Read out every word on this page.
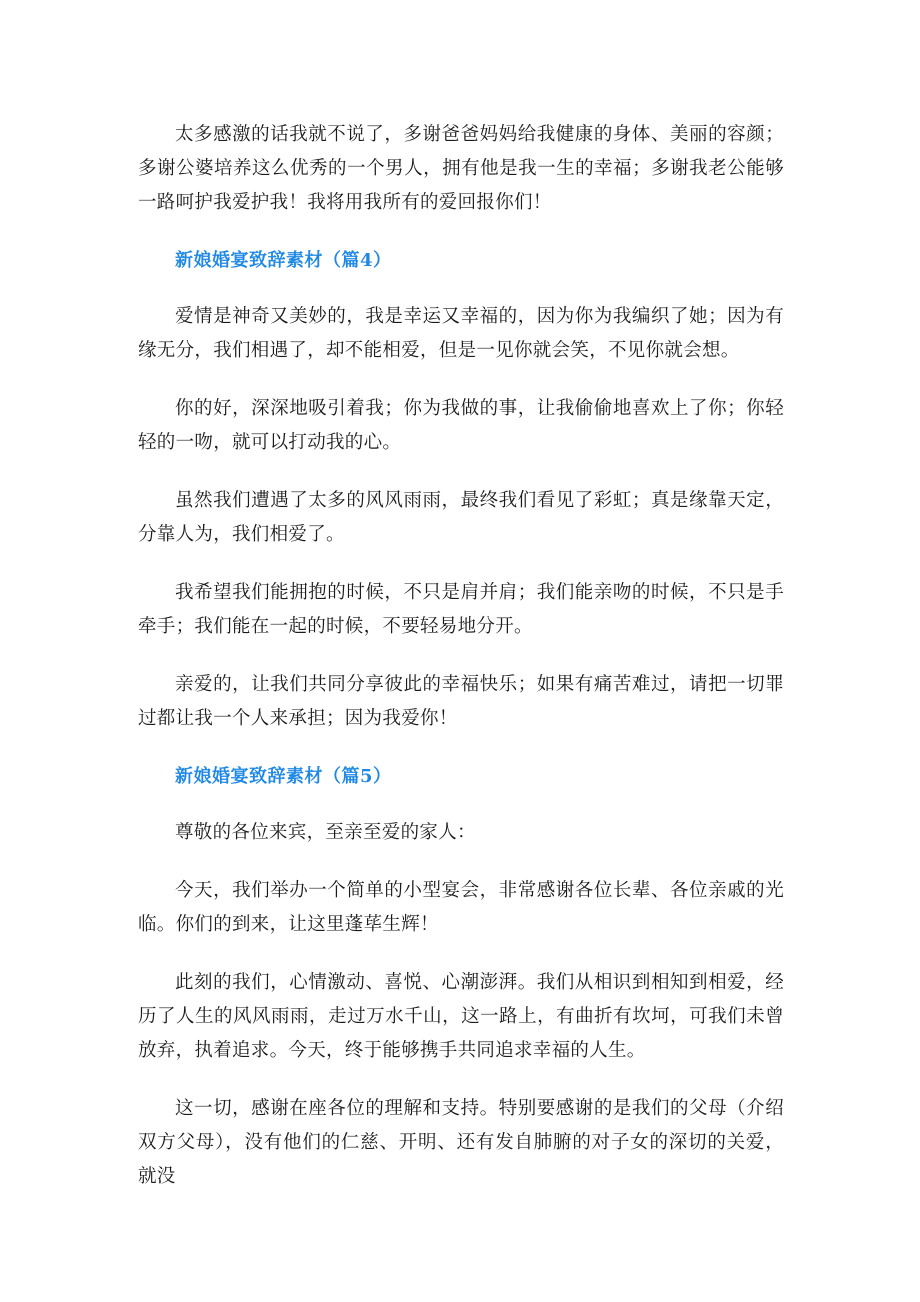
太多感激的话我就不说了，多谢爸爸妈妈给我健康的身体、美丽的容颜；多谢公婆培养这么优秀的一个男人，拥有他是我一生的幸福；多谢我老公能够一路呵护我爱护我！我将用我所有的爱回报你们！

新娘婚宴致辞素材（篇4）

爱情是神奇又美妙的，我是幸运又幸福的，因为你为我编织了她；因为有缘无分，我们相遇了，却不能相爱，但是一见你就会笑，不见你就会想。

你的好，深深地吸引着我；你为我做的事，让我偷偷地喜欢上了你；你轻轻的一吻，就可以打动我的心。

虽然我们遭遇了太多的风风雨雨，最终我们看见了彩虹；真是缘靠天定，分靠人为，我们相爱了。

我希望我们能拥抱的时候，不只是肩并肩；我们能亲吻的时候，不只是手牵手；我们能在一起的时候，不要轻易地分开。

亲爱的，让我们共同分享彼此的幸福快乐；如果有痛苦难过，请把一切罪过都让我一个人来承担；因为我爱你！

新娘婚宴致辞素材（篇5）

尊敬的各位来宾，至亲至爱的家人：

今天，我们举办一个简单的小型宴会，非常感谢各位长辈、各位亲戚的光临。你们的到来，让这里蓬荜生辉！

此刻的我们，心情激动、喜悦、心潮澎湃。我们从相识到相知到相爱，经历了人生的风风雨雨，走过万水千山，这一路上，有曲折有坎坷，可我们未曾放弃，执着追求。今天，终于能够携手共同追求幸福的人生。

这一切，感谢在座各位的理解和支持。特别要感谢的是我们的父母（介绍双方父母），没有他们的仁慈、开明、还有发自肺腑的对子女的深切的关爱，就没
